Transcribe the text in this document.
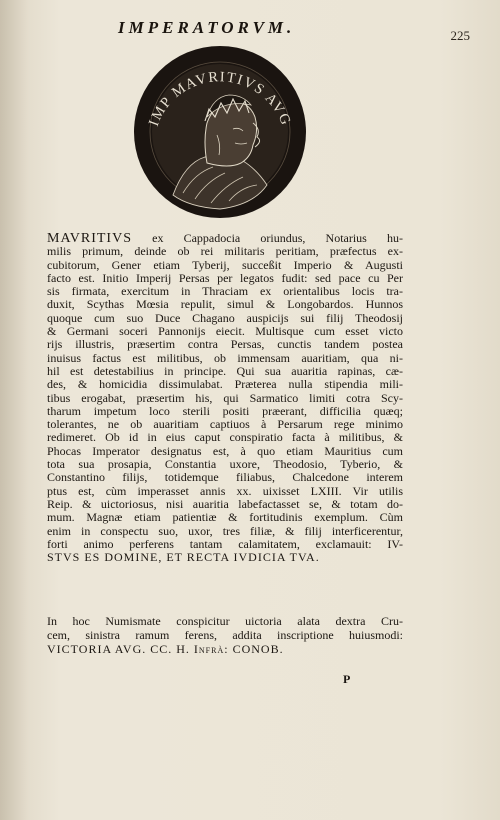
IMPERATORVM.	225
IMP MAVRITIVS AVG
MAVRITIVS ex Cappadocia oriundus, Notarius hu-
milis primum, deinde ob rei militaris peritiam, præfectus ex-
cubitorum, Gener etiam Tyberij, succeßit Imperio & Augusti
facto est. Initio Imperij Persas per legatos fudit: sed pace cu Per
sis firmata, exercitum in Thraciam ex orientalibus locis tra-
duxit, Scythas Mœsia repulit, simul & Longobardos. Hunnos
quoque cum suo Duce Chagano auspicijs sui filij Theodosij
& Germani soceri Pannonijs eiecit. Multisque cum esset victo
rijs illustris, præsertim contra Persas, cunctis tandem postea
inuisus factus est militibus, ob immensam auaritiam, qua ni-
hil est detestabilius in principe. Qui sua auaritia rapinas, cæ-
des, & homicidia dissimulabat. Præterea nulla stipendia mili-
tibus erogabat, præsertim his, qui Sarmatico limiti cotra Scy-
tharum impetum loco sterili positi præerant, difficilia quæq;
tolerantes, ne ob auaritiam captiuos à Persarum rege minimo
redimeret. Ob id in eius caput conspiratio facta à militibus, &
Phocas Imperator designatus est, à quo etiam Mauritius cum
tota sua prosapia, Constantia uxore, Theodosio, Tyberio, &
Constantino filijs, totidemque filiabus, Chalcedone interem
ptus est, cùm imperasset annis xx. uixisset LXIII. Vir utilis
Reip. & uictoriosus, nisi auaritia labefactasset se, & totam do-
mum. Magnæ etiam patientiæ & fortitudinis exemplum. Cùm
enim in conspectu suo, uxor, tres filiæ, & filij interficerentur,
forti animo perferens tantam calamitatem, exclamauit: IV-
STVS ES DOMINE, ET RECTA IVDICIA TVA.
In hoc Numismate conspicitur uictoria alata dextra Cru-
cem, sinistra ramum ferens, addita inscriptione huiusmodi:
VICTORIA AVG. CC. H. Infrà: CONOB.
P
